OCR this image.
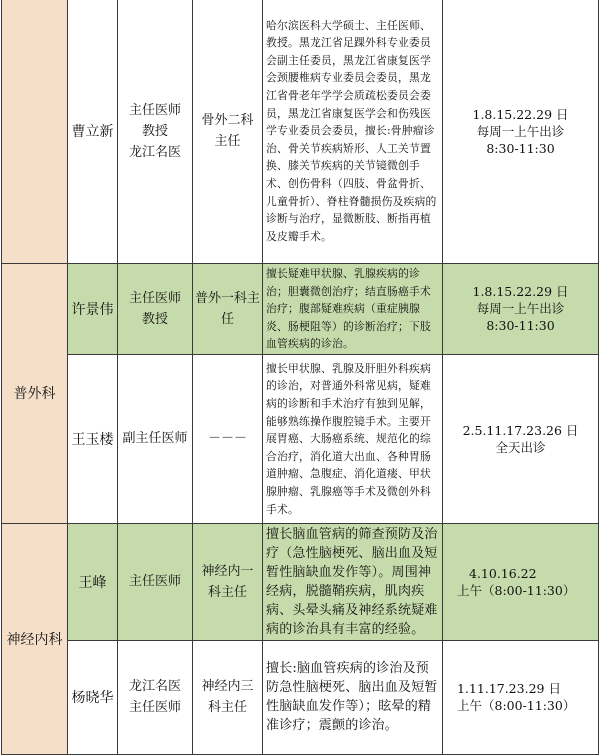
	曹立新	主任医师
教授
龙江名医	骨外二科
主任	哈尔滨医科大学硕士、主任医师、教授。黑龙江省足踝外科专业委员会副主任委员，黑龙江省康复医学会颈腰椎病专业委员会委员，黑龙江省骨老年学学会质疏松委员会委员，黑龙江省康复医学会和伤残医学专业委员会委员，擅长:骨肿瘤诊治、骨关节疾病矫形、人工关节置换、膝关节疾病的关节镜微创手术、创伤骨科（四肢、骨盆骨折、儿童骨折）、脊柱脊髓损伤及疾病的诊断与治疗，显微断肢、断指再植及皮瓣手术。	1.8.15.22.29 日
每周一上午出诊
8:30-11:30

普外科	许景伟	主任医师
教授	普外一科主
任	擅长疑难甲状腺、乳腺疾病的诊治；胆囊微创治疗；结直肠癌手术治疗；腹部疑难疾病（重症胰腺炎、肠梗阻等）的诊断治疗；下肢血管疾病的诊治。	1.8.15.22.29 日
每周一上午出诊
8:30-11:30

	王玉楼	副主任医师	－－－	擅长甲状腺、乳腺及肝胆外科疾病的诊治，对普通外科常见病，疑难病的诊断和手术治疗有独到见解，能够熟练操作腹腔镜手术。主要开展胃癌、大肠癌系统、规范化的综合治疗，消化道大出血、各种胃肠道肿瘤、急腹症、消化道瘘、甲状腺肿瘤、乳腺癌等手术及微创外科手术。	2.5.11.17.23.26 日
全天出诊

神经内科	王峰	主任医师	神经内一
科主任	擅长脑血管病的筛查预防及治疗（急性脑梗死、脑出血及短暂性脑缺血发作等）。周围神经病，脱髓鞘疾病，肌肉疾病、头晕头痛及神经系统疑难病的诊治具有丰富的经验。	4.10.16.22
上午（8:00-11:30）

	杨晓华	龙江名医
主任医师	神经内三
科主任	擅长:脑血管疾病的诊治及预防急性脑梗死、脑出血及短暂性脑缺血发作等）；眩晕的精准诊疗；震颤的诊治。	1.11.17.23.29 日
上午（8:00-11:30）
